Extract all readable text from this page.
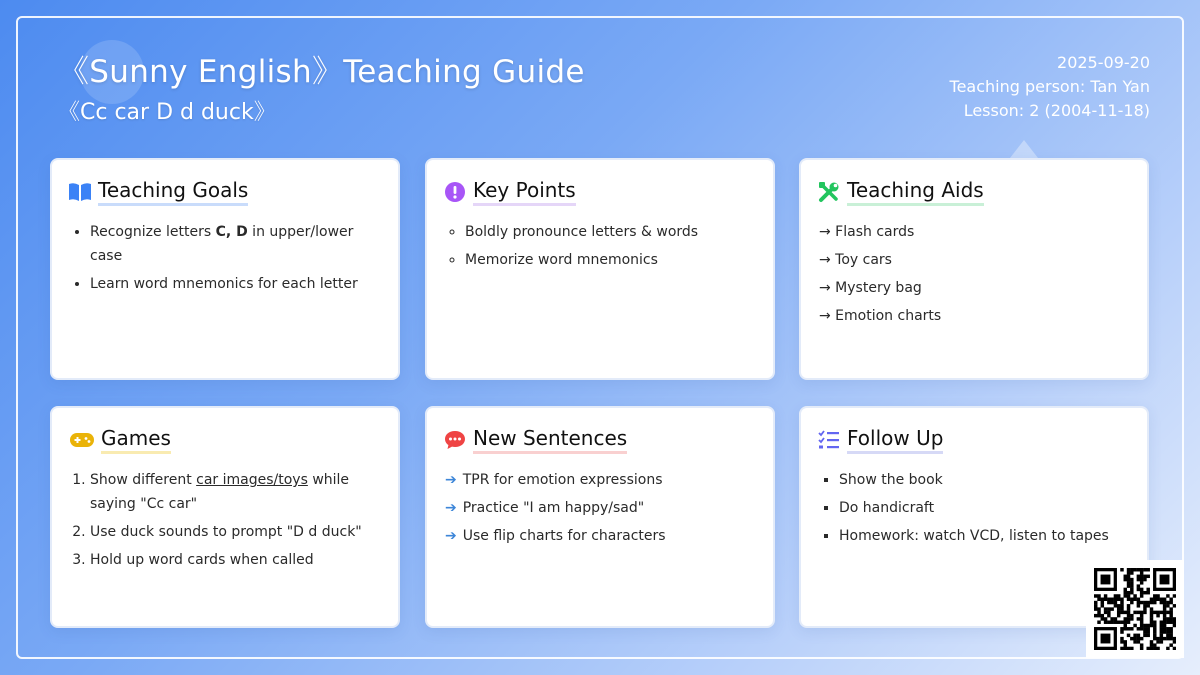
《Sunny English》Teaching Guide
《Cc car D d duck》
2025-09-20
Teaching person: Tan Yan
Lesson: 2 (2004-11-18)
Teaching Goals
• Recognize letters C, D in upper/lower case
• Learn word mnemonics for each letter
Key Points
◦ Boldly pronounce letters & words
◦ Memorize word mnemonics
Teaching Aids
→ Flash cards
→ Toy cars
→ Mystery bag
→ Emotion charts
Games
1. Show different car images/toys while saying "Cc car"
2. Use duck sounds to prompt "D d duck"
3. Hold up word cards when called
New Sentences
➔ TPR for emotion expressions
➔ Practice "I am happy/sad"
➔ Use flip charts for characters
Follow Up
▪ Show the book
▪ Do handicraft
▪ Homework: watch VCD, listen to tapes
